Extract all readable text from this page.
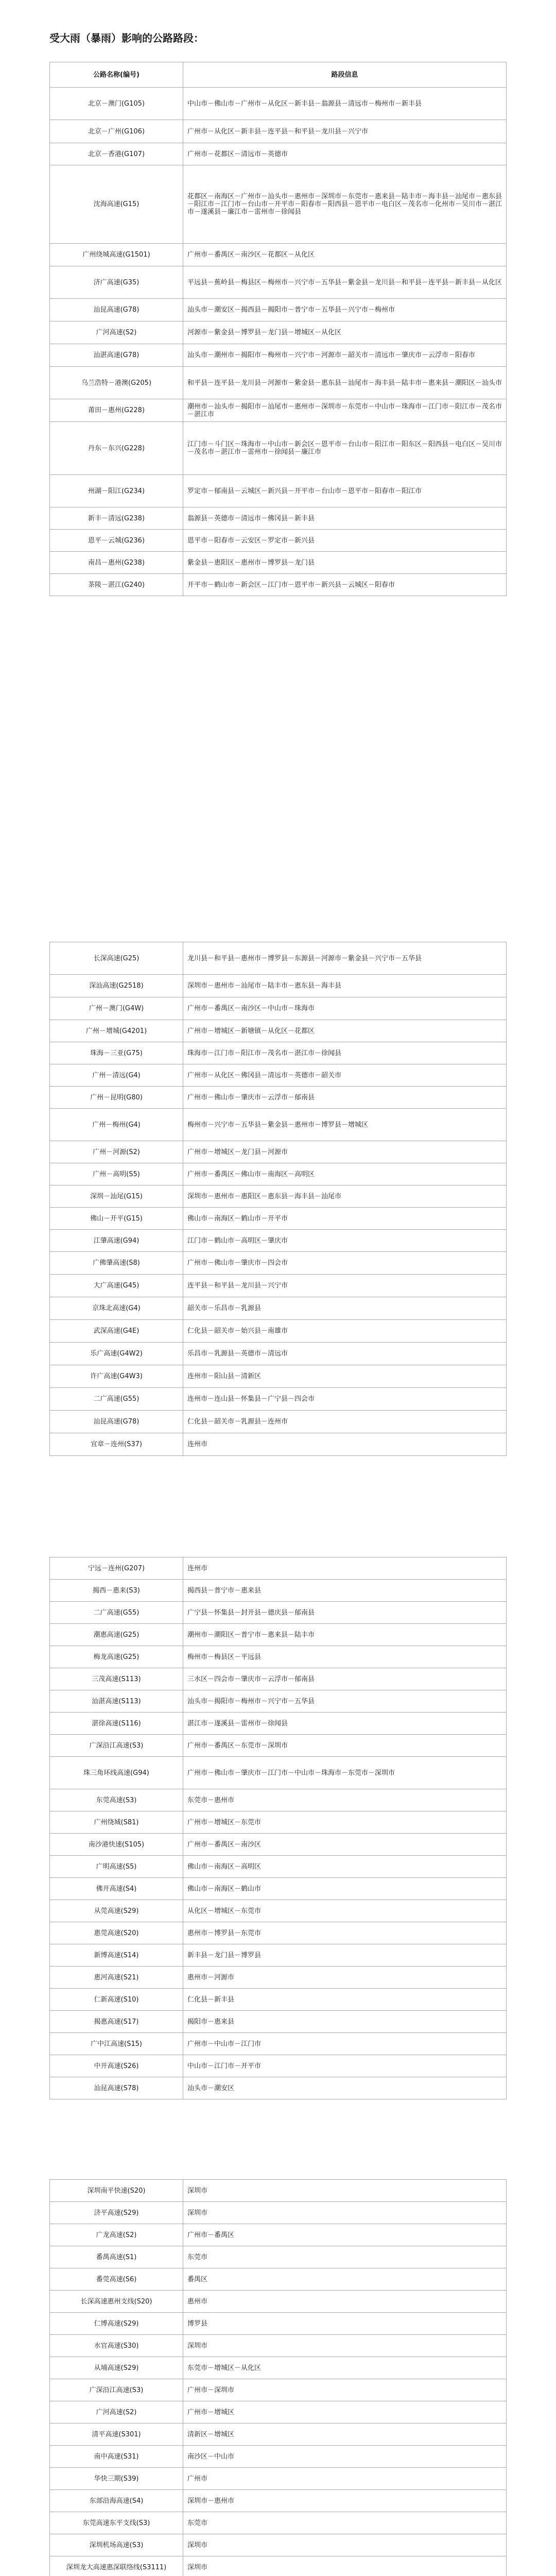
受大雨（暴雨）影响的公路路段：
公路名称(编号)	路段信息
北京－澳门(G105)	中山市－佛山市－广州市－从化区－新丰县－翁源县－清远市－梅州市－新丰县
北京－广州(G106)	广州市－从化区－新丰县－连平县－和平县－龙川县－兴宁市
北京－香港(G107)	广州市－花都区－清远市－英德市
沈海高速(G15)	花都区－南海区－广州市－汕头市－惠州市－深圳市－东莞市－惠来县－陆丰市－海丰县－汕尾市－惠东县－阳江市－江门市－台山市－开平市－阳春市－阳西县－恩平市－电白区－茂名市－化州市－吴川市－湛江市－遂溪县－廉江市－雷州市－徐闻县
广州绕城高速(G1501)	广州市－番禺区－南沙区－花都区－从化区
济广高速(G35)	平远县－蕉岭县－梅县区－梅州市－兴宁市－五华县－紫金县－龙川县－和平县－连平县－新丰县－从化区
汕昆高速(G78)	汕头市－潮安区－揭西县－揭阳市－普宁市－五华县－兴宁市－梅州市
广河高速(S2)	河源市－紫金县－博罗县－龙门县－增城区－从化区
汕湛高速(G78)	汕头市－潮州市－揭阳市－梅州市－兴宁市－河源市－韶关市－清远市－肇庆市－云浮市－阳春市
乌兰浩特－港澳(G205)	和平县－连平县－龙川县－河源市－紫金县－惠东县－汕尾市－海丰县－陆丰市－惠来县－潮阳区－汕头市
莆田－惠州(G228)	潮州市－汕头市－揭阳市－汕尾市－惠州市－深圳市－东莞市－中山市－珠海市－江门市－阳江市－茂名市－湛江市
丹东－东兴(G228)	江门市－斗门区－珠海市－中山市－新会区－恩平市－台山市－阳江市－阳东区－阳西县－电白区－吴川市－茂名市－湛江市－雷州市－徐闻县－廉江市
州湖－阳江(G234)	罗定市－郁南县－云城区－新兴县－开平市－台山市－恩平市－阳春市－阳江市
新丰－清远(G238)	翁源县－英德市－清远市－佛冈县－新丰县
恩平－云城(G236)	恩平市－阳春市－云安区－罗定市－新兴县
南昌－惠州(G238)	紫金县－惠阳区－惠州市－博罗县－龙门县
茶陵－湛江(G240)	开平市－鹤山市－新会区－江门市－恩平市－新兴县－云城区－阳春市
长深高速(G25)	龙川县－和平县－惠州市－博罗县－东源县－河源市－紫金县－兴宁市－五华县
深汕高速(G2518)	深圳市－惠州市－汕尾市－陆丰市－惠东县－海丰县
广州－澳门(G4W)	广州市－番禺区－南沙区－中山市－珠海市
广州－增城(G4201)	广州市－增城区－新塘镇－从化区－花都区
珠海－三亚(G75)	珠海市－江门市－阳江市－茂名市－湛江市－徐闻县
广州－清远(G4)	广州市－从化区－佛冈县－清远市－英德市－韶关市
广州－昆明(G80)	广州市－佛山市－肇庆市－云浮市－郁南县
广州－梅州(G4)	梅州市－兴宁市－五华县－紫金县－惠州市－博罗县－增城区
广州－河源(S2)	广州市－增城区－龙门县－河源市
广州－高明(S5)	广州市－番禺区－佛山市－南海区－高明区
深圳－汕尾(G15)	深圳市－惠州市－惠阳区－惠东县－海丰县－汕尾市
佛山－开平(G15)	佛山市－南海区－鹤山市－开平市
江肇高速(G94)	江门市－鹤山市－高明区－肇庆市
广佛肇高速(S8)	广州市－佛山市－肇庆市－四会市
大广高速(G45)	连平县－和平县－龙川县－兴宁市
京珠北高速(G4)	韶关市－乐昌市－乳源县
武深高速(G4E)	仁化县－韶关市－始兴县－南雄市
乐广高速(G4W2)	乐昌市－乳源县－英德市－清远市
许广高速(G4W3)	连州市－阳山县－清新区
二广高速(G55)	连州市－连山县－怀集县－广宁县－四会市
汕昆高速(G78)	仁化县－韶关市－乳源县－连州市
宜章－连州(S37)	连州市
宁远－连州(G207)	连州市
揭西－惠来(S3)	揭西县－普宁市－惠来县
二广高速(G55)	广宁县－怀集县－封开县－德庆县－郁南县
潮惠高速(G25)	潮州市－潮阳区－普宁市－惠来县－陆丰市
梅龙高速(G25)	梅州市－梅县区－平远县
三茂高速(S113)	三水区－四会市－肇庆市－云浮市－郁南县
汕湛高速(S113)	汕头市－揭阳市－梅州市－兴宁市－五华县
湛徐高速(S116)	湛江市－遂溪县－雷州市－徐闻县
广深沿江高速(S3)	广州市－番禺区－东莞市－深圳市
珠三角环线高速(G94)	广州市－佛山市－肇庆市－江门市－中山市－珠海市－东莞市－深圳市
东莞高速(S3)	东莞市－惠州市
广州绕城(S81)	广州市－增城区－东莞市
南沙港快速(S105)	广州市－番禺区－南沙区
广明高速(S5)	佛山市－南海区－高明区
佛开高速(S4)	佛山市－南海区－鹤山市
从莞高速(S29)	从化区－增城区－东莞市
惠莞高速(S20)	惠州市－博罗县－东莞市
新博高速(S14)	新丰县－龙门县－博罗县
惠河高速(S21)	惠州市－河源市
仁新高速(S10)	仁化县－新丰县
揭惠高速(S17)	揭阳市－惠来县
广中江高速(S15)	广州市－中山市－江门市
中开高速(S26)	中山市－江门市－开平市
汕昆高速(S78)	汕头市－潮安区
深圳南平快速(S20)	深圳市
济平高速(S29)	深圳市
广龙高速(S2)	广州市－番禺区
番禺高速(S1)	东莞市
番莞高速(S6)	番禺区
长深高速惠州支线(S20)	惠州市
仁博高速(S29)	博罗县
水官高速(S30)	深圳市
从埔高速(S29)	东莞市－增城区－从化区
广深沿江高速(S3)	广州市－深圳市
广河高速(S2)	广州市－增城区
清平高速(S301)	清新区－增城区
南中高速(S31)	南沙区－中山市
华快三期(S39)	广州市
东部沿海高速(S4)	深圳市－惠州市
东莞高速东平支线(S3)	东莞市
深圳机场高速(S3)	深圳市
深圳龙大高速惠深联络线(S3111)	深圳市
